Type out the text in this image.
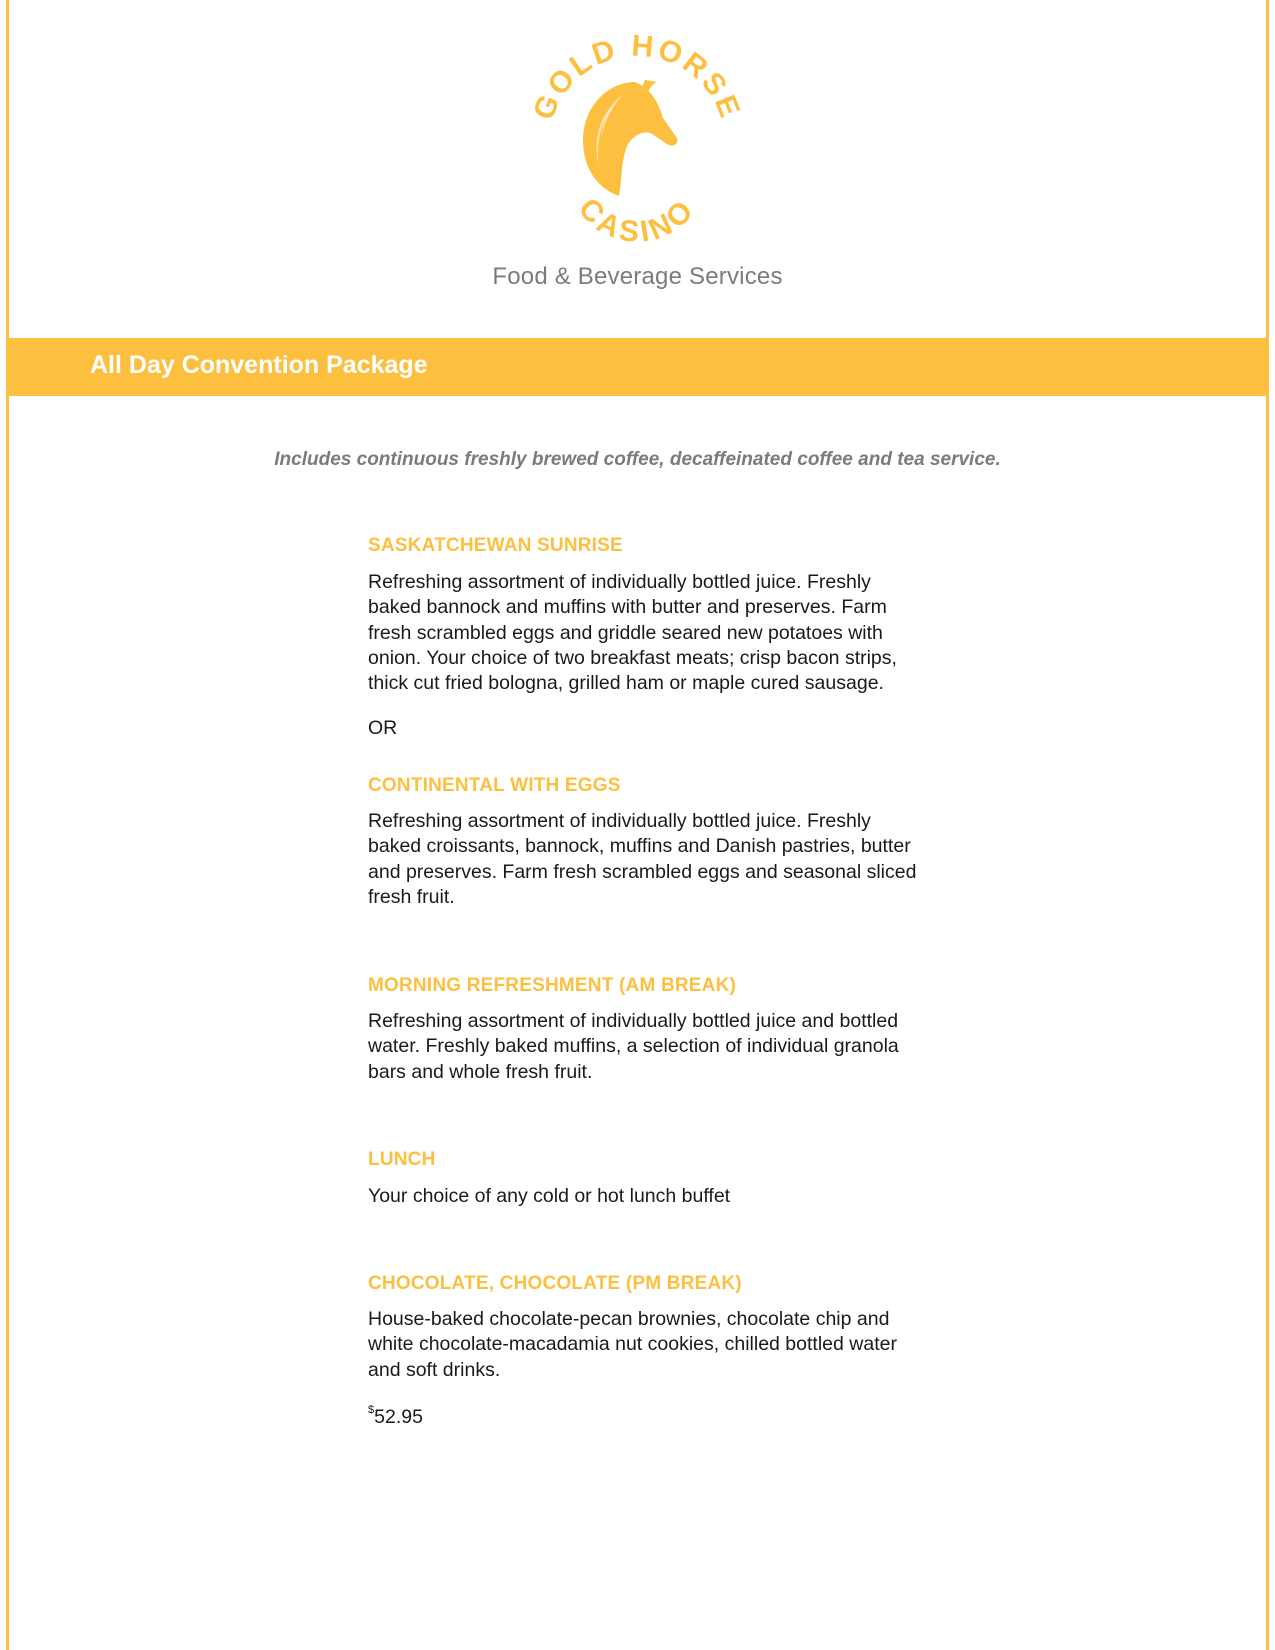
GOLD HORSE
CASINO
Food & Beverage Services
All Day Convention Package
Includes continuous freshly brewed coffee, decaffeinated coffee and tea service.
SASKATCHEWAN SUNRISE

Refreshing assortment of individually bottled juice. Freshly baked bannock and muffins with butter and preserves. Farm fresh scrambled eggs and griddle seared new potatoes with onion. Your choice of two breakfast meats; crisp bacon strips, thick cut fried bologna, grilled ham or maple cured sausage.

OR
CONTINENTAL WITH EGGS

Refreshing assortment of individually bottled juice. Freshly baked croissants, bannock, muffins and Danish pastries, butter and preserves. Farm fresh scrambled eggs and seasonal sliced fresh fruit.

MORNING REFRESHMENT (AM BREAK)

Refreshing assortment of individually bottled juice and bottled water. Freshly baked muffins, a selection of individual granola bars and whole fresh fruit.

LUNCH

Your choice of any cold or hot lunch buffet

CHOCOLATE, CHOCOLATE (PM BREAK)

House-baked chocolate-pecan brownies, chocolate chip and white chocolate-macadamia nut cookies, chilled bottled water and soft drinks.

$52.95
